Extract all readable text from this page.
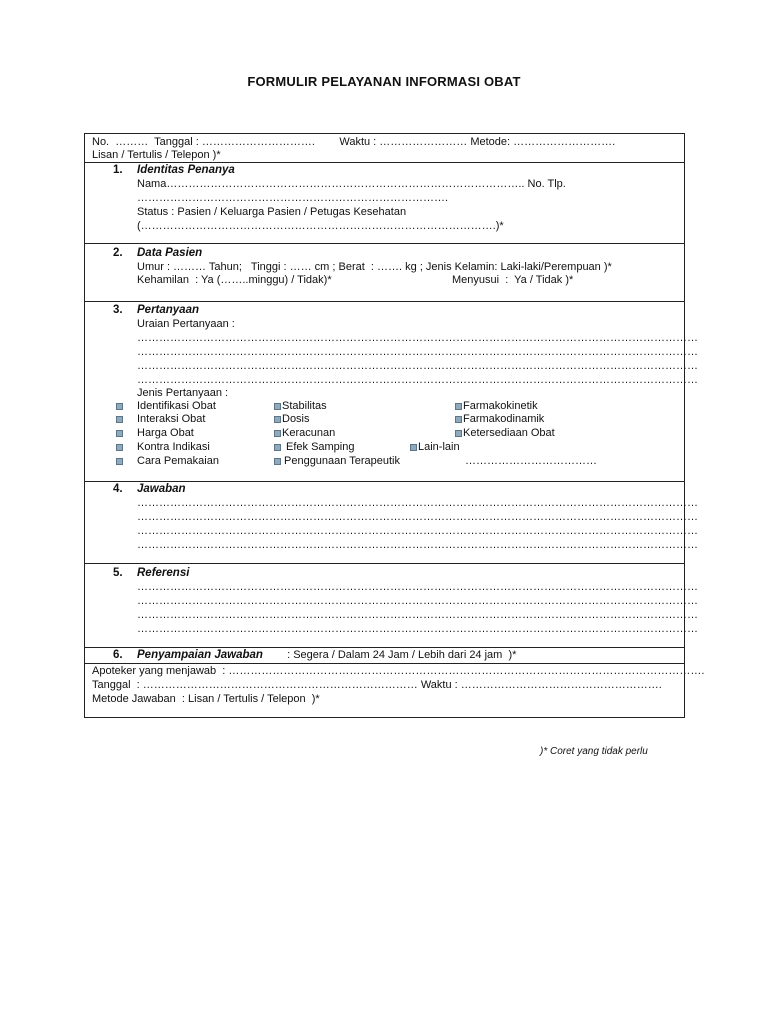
FORMULIR PELAYANAN INFORMASI OBAT
No.  ………  Tanggal : ………………………….        Waktu : …………………… Metode: ……………………….
Lisan / Tertulis / Telepon )*
1. Identitas Penanya
Nama…………………………………………………………………………………….. No. Tlp.
………………………………………………………………………….
Status : Pasien / Keluarga Pasien / Petugas Kesehatan
(…………………………………………………………………………………….)*
2. Data Pasien
Umur : ……… Tahun;   Tinggi : …… cm ; Berat  : ……. kg ; Jenis Kelamin: Laki-laki/Perempuan )*
Kehamilan  : Ya (……..minggu) / Tidak)*	Menyusui  :  Ya / Tidak )*
3. Pertanyaan
Uraian Pertanyaan :
………………………………………………………………………………………………………………………………………
………………………………………………………………………………………………………………………………………
………………………………………………………………………………………………………………………………………
………………………………………………………………………………………………………………………………………
Jenis Pertanyaan :
Identifikasi Obat
Interaksi Obat
Harga Obat
Kontra Indikasi
Cara Pemakaian
Stabilitas
Dosis
Keracunan
Efek Samping
Penggunaan Terapeutik
Lain-lain
………………………………
Farmakokinetik
Farmakodinamik
Ketersediaan Obat
4. Jawaban
………………………………………………………………………………………………………………………………………
………………………………………………………………………………………………………………………………………
………………………………………………………………………………………………………………………………………
………………………………………………………………………………………………………………………………………
5. Referensi
………………………………………………………………………………………………………………………………………
………………………………………………………………………………………………………………………………………
………………………………………………………………………………………………………………………………………
………………………………………………………………………………………………………………………………………
6. Penyampaian Jawaban : Segera / Dalam 24 Jam / Lebih dari 24 jam  )*
Apoteker yang menjawab  : ………………………………………………………………………………………………………………….
Tanggal  : ………………………………………………………………… Waktu : ……………………………………………….
Metode Jawaban  : Lisan / Tertulis / Telepon  )*
)* Coret yang tidak perlu
